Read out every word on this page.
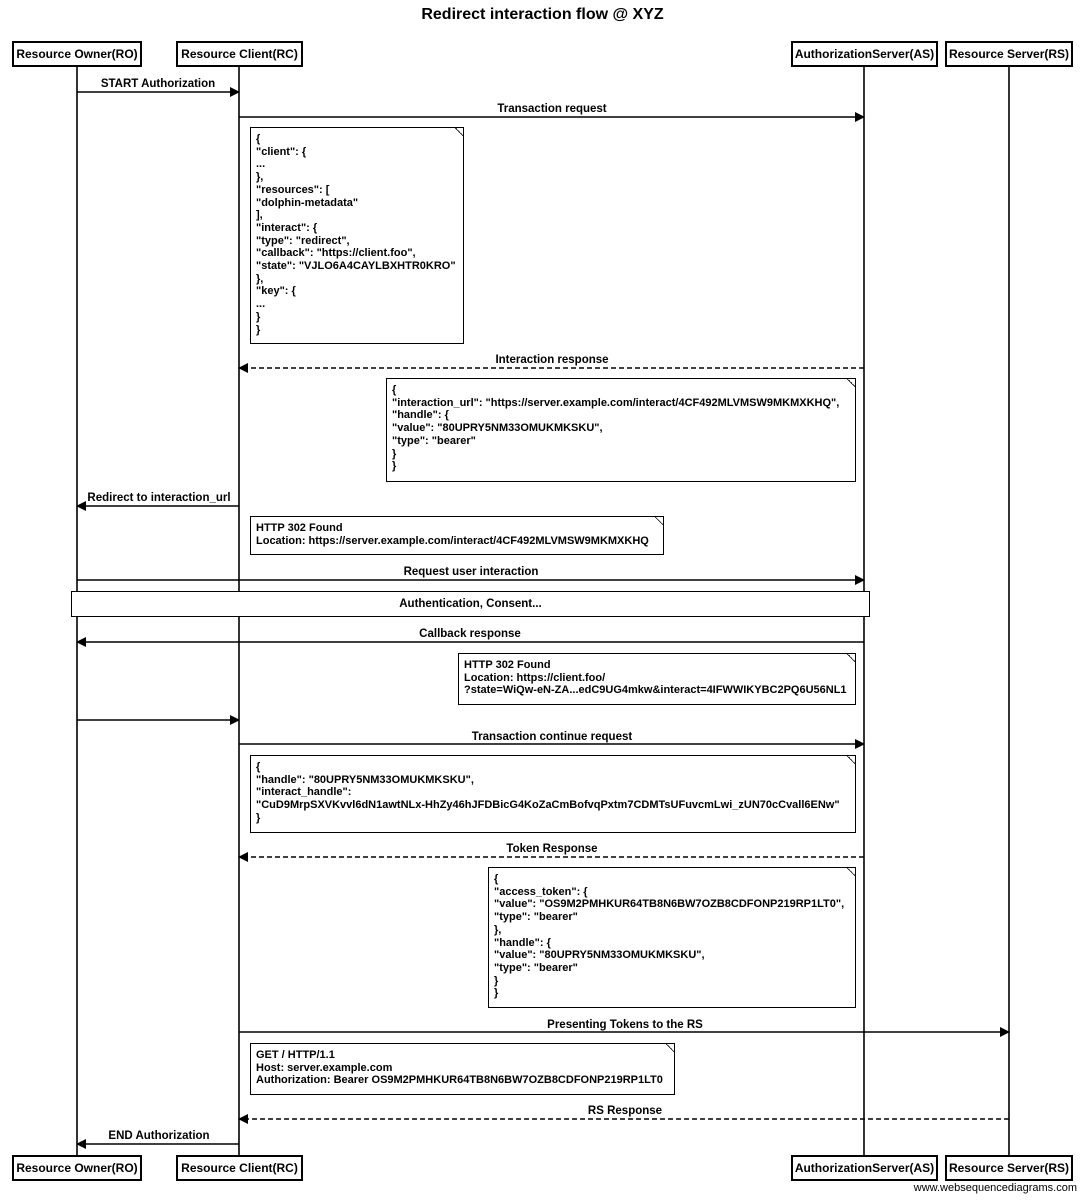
Redirect interaction flow @ XYZ
Resource Owner(RO)	Resource Client(RC)	AuthorizationServer(AS)	Resource Server(RS)
Resource Owner(RO)	Resource Client(RC)	AuthorizationServer(AS)	Resource Server(RS)
START Authorization
Transaction request
Interaction response
Redirect to interaction_url
Request user interaction
Callback response
Transaction continue request
Token Response
Presenting Tokens to the RS
RS Response
END Authorization
Authentication, Consent...
{
"client": {
...
},
"resources": [
"dolphin-metadata"
],
"interact": {
"type": "redirect",
"callback": "https://client.foo",
"state": "VJLO6A4CAYLBXHTR0KRO"
},
"key": {
...
}
}
{
"interaction_url": "https://server.example.com/interact/4CF492MLVMSW9MKMXKHQ",
"handle": {
"value": "80UPRY5NM33OMUKMKSKU",
"type": "bearer"
}
}
HTTP 302 Found
Location: https://server.example.com/interact/4CF492MLVMSW9MKMXKHQ
HTTP 302 Found
Location: https://client.foo/
?state=WiQw-eN-ZA...edC9UG4mkw&interact=4IFWWIKYBC2PQ6U56NL1
{
"handle": "80UPRY5NM33OMUKMKSKU",
"interact_handle":
"CuD9MrpSXVKvvl6dN1awtNLx-HhZy46hJFDBicG4KoZaCmBofvqPxtm7CDMTsUFuvcmLwi_zUN70cCvall6ENw"
}
{
"access_token": {
"value": "OS9M2PMHKUR64TB8N6BW7OZB8CDFONP219RP1LT0",
"type": "bearer"
},
"handle": {
"value": "80UPRY5NM33OMUKMKSKU",
"type": "bearer"
}
}
GET / HTTP/1.1
Host: server.example.com
Authorization: Bearer OS9M2PMHKUR64TB8N6BW7OZB8CDFONP219RP1LT0
www.websequencediagrams.com
